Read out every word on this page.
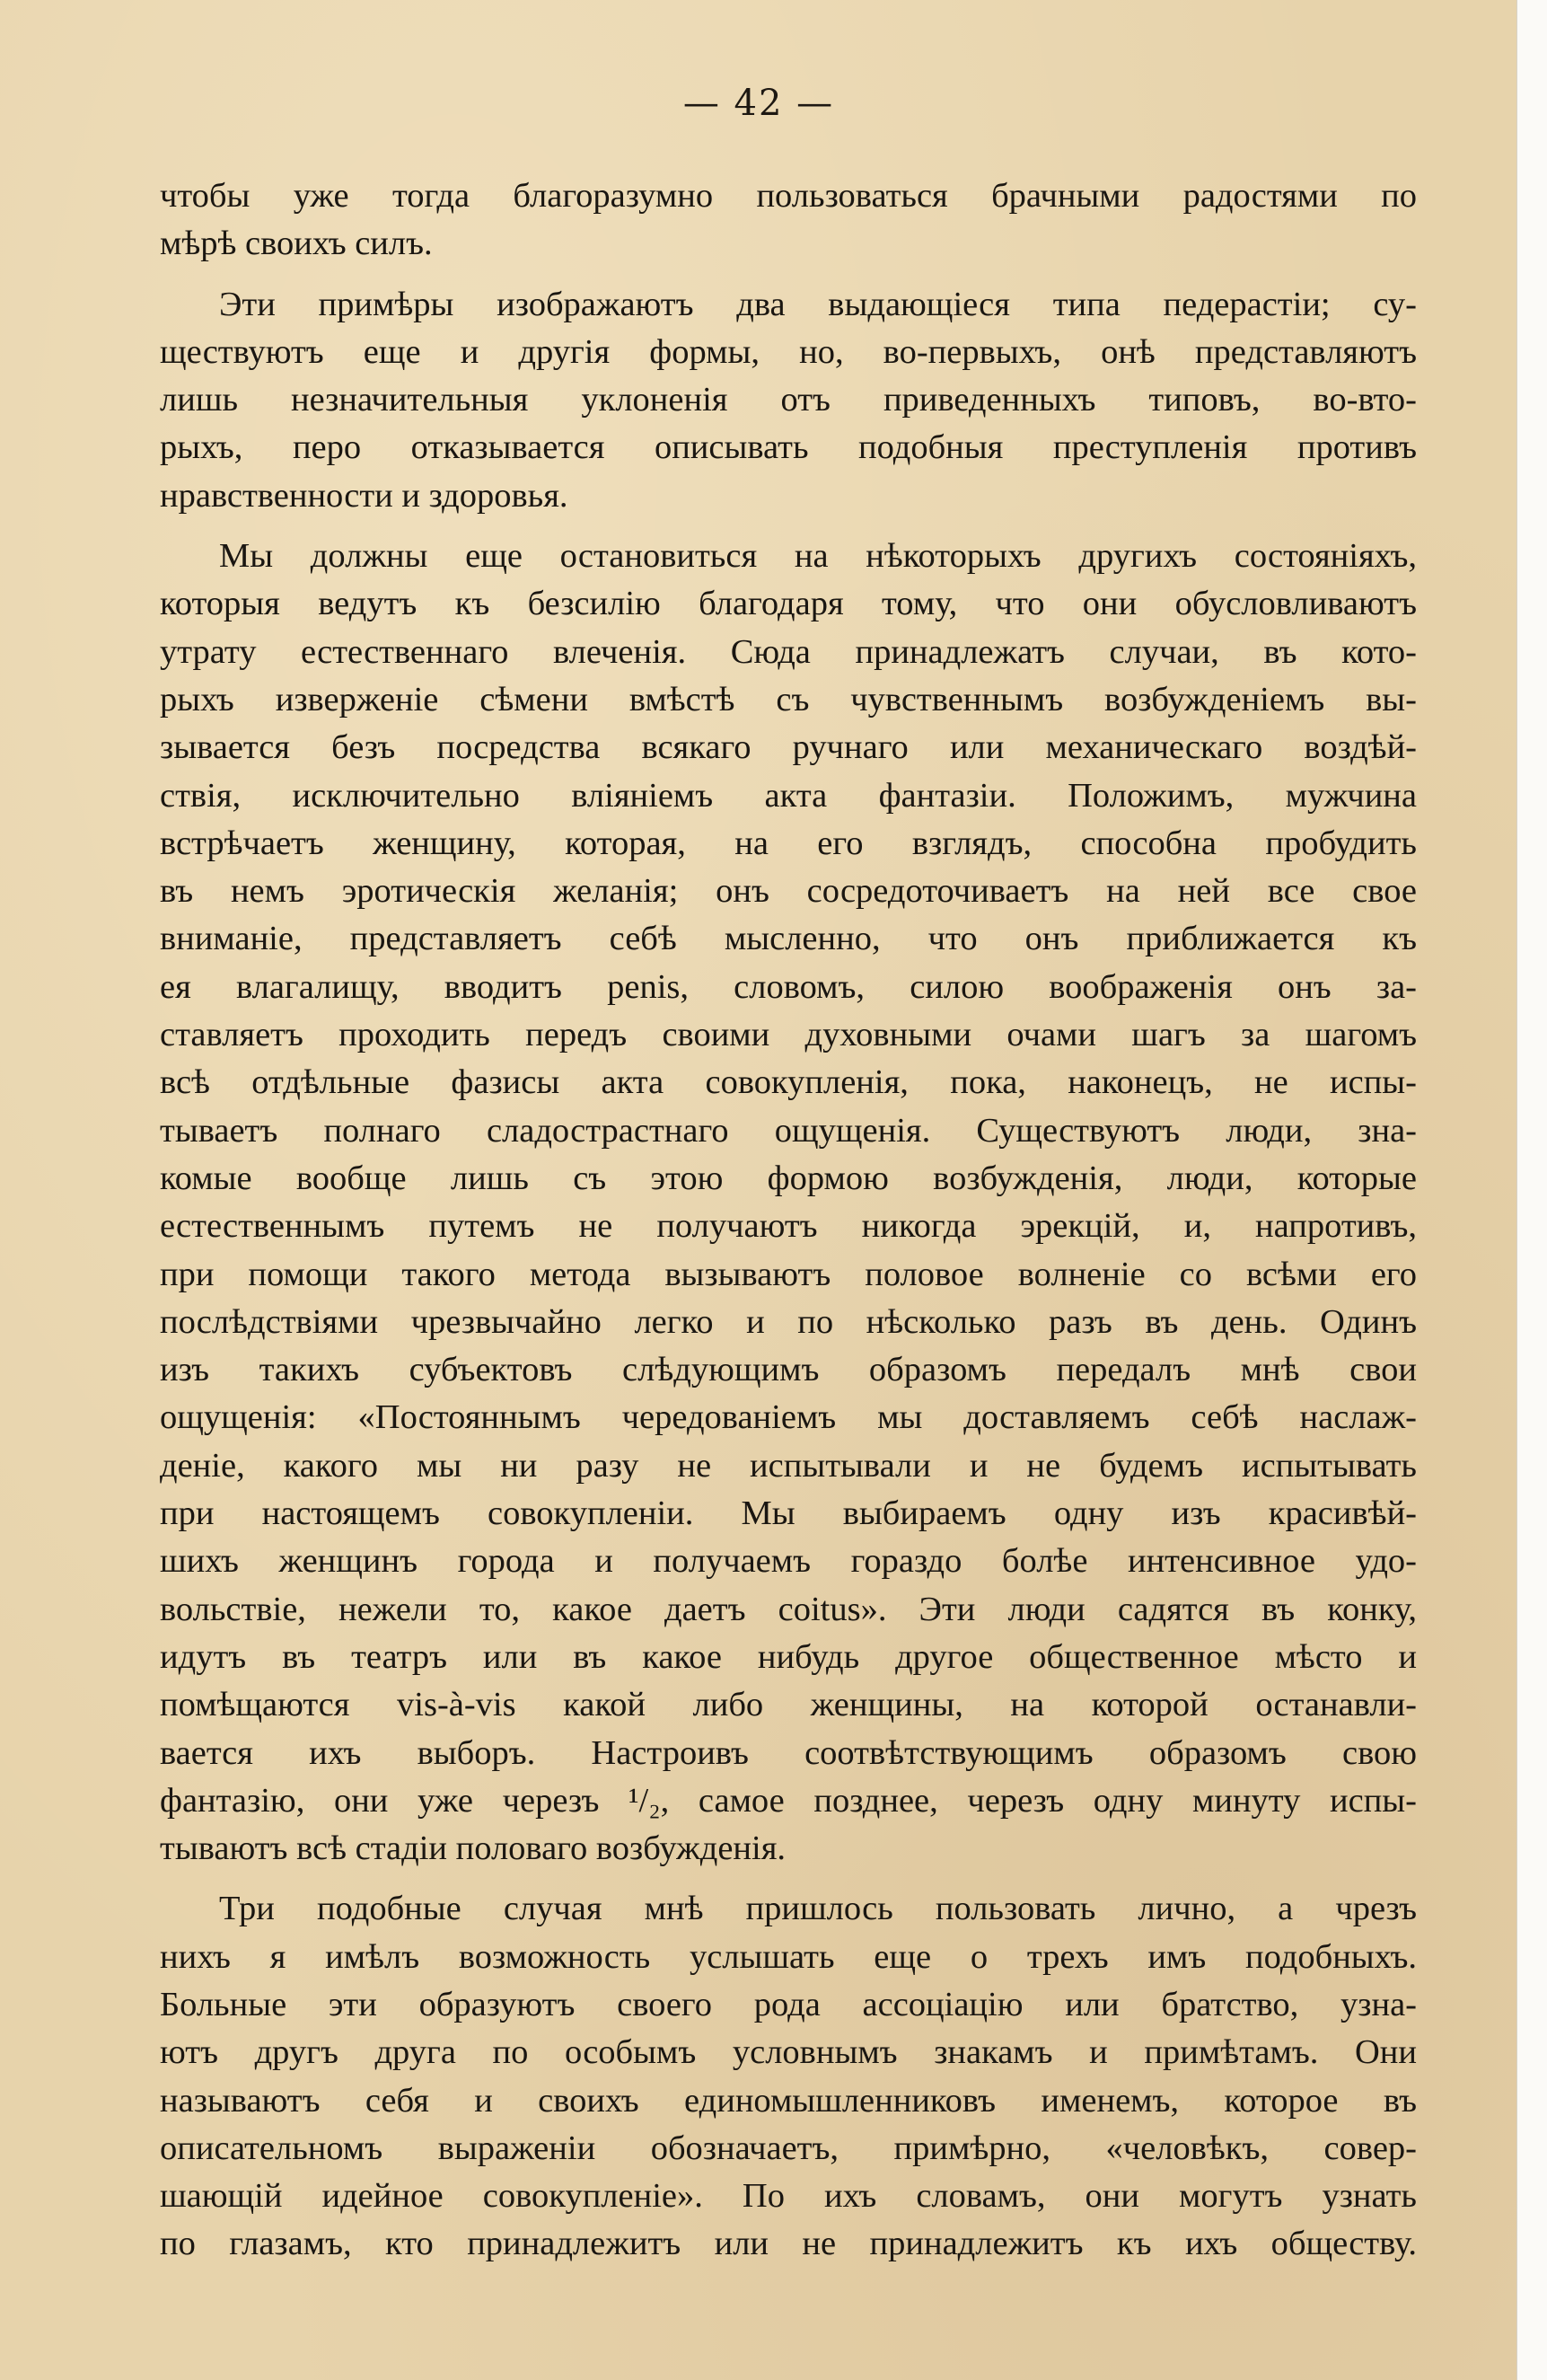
— 42 —
чтобы уже тогда благоразумно пользоваться брачными радостями по
мѣрѣ своихъ силъ.
Эти примѣры изображаютъ два выдающіеся типа педерастіи; су-
ществуютъ еще и другія формы, но, во-первыхъ, онѣ представляютъ
лишь незначительныя уклоненія отъ приведенныхъ типовъ, во-вто-
рыхъ, перо отказывается описывать подобныя преступленія противъ
нравственности и здоровья.
Мы должны еще остановиться на нѣкоторыхъ другихъ состояніяхъ,
которыя ведутъ къ безсилію благодаря тому, что они обусловливаютъ
утрату естественнаго влеченія. Сюда принадлежатъ случаи, въ кото-
рыхъ изверженіе сѣмени вмѣстѣ съ чувственнымъ возбужденіемъ вы-
зывается безъ посредства всякаго ручнаго или механическаго воздѣй-
ствія, исключительно вліяніемъ акта фантазіи. Положимъ, мужчина
встрѣчаетъ женщину, которая, на его взглядъ, способна пробудить
въ немъ эротическія желанія; онъ сосредоточиваетъ на ней все свое
вниманіе, представляетъ себѣ мысленно, что онъ приближается къ
ея влагалищу, вводитъ penis, словомъ, силою воображенія онъ за-
ставляетъ проходить передъ своими духовными очами шагъ за шагомъ
всѣ отдѣльные фазисы акта совокупленія, пока, наконецъ, не испы-
тываетъ полнаго сладострастнаго ощущенія. Существуютъ люди, зна-
комые вообще лишь съ этою формою возбужденія, люди, которые
естественнымъ путемъ не получаютъ никогда эрекцій, и, напротивъ,
при помощи такого метода вызываютъ половое волненіе со всѣми его
послѣдствіями чрезвычайно легко и по нѣсколько разъ въ день. Одинъ
изъ такихъ субъектовъ слѣдующимъ образомъ передалъ мнѣ свои
ощущенія: «Постояннымъ чередованіемъ мы доставляемъ себѣ наслаж-
деніе, какого мы ни разу не испытывали и не будемъ испытывать
при настоящемъ совокупленіи. Мы выбираемъ одну изъ красивѣй-
шихъ женщинъ города и получаемъ гораздо болѣе интенсивное удо-
вольствіе, нежели то, какое даетъ coitus». Эти люди садятся въ конку,
идутъ въ театръ или въ какое нибудь другое общественное мѣсто и
помѣщаются vis-à-vis какой либо женщины, на которой останавли-
вается ихъ выборъ. Настроивъ соотвѣтствующимъ образомъ свою
фантазію, они уже черезъ ¹/₂, самое позднее, черезъ одну минуту испы-
тываютъ всѣ стадіи половаго возбужденія.
Три подобные случая мнѣ пришлось пользовать лично, а чрезъ
нихъ я имѣлъ возможность услышать еще о трехъ имъ подобныхъ.
Больные эти образуютъ своего рода ассоціацію или братство, узна-
ютъ другъ друга по особымъ условнымъ знакамъ и примѣтамъ. Они
называютъ себя и своихъ единомышленниковъ именемъ, которое въ
описательномъ выраженіи обозначаетъ, примѣрно, «человѣкъ, совер-
шающій идейное совокупленіе». По ихъ словамъ, они могутъ узнать
по глазамъ, кто принадлежитъ или не принадлежитъ къ ихъ обществу.
